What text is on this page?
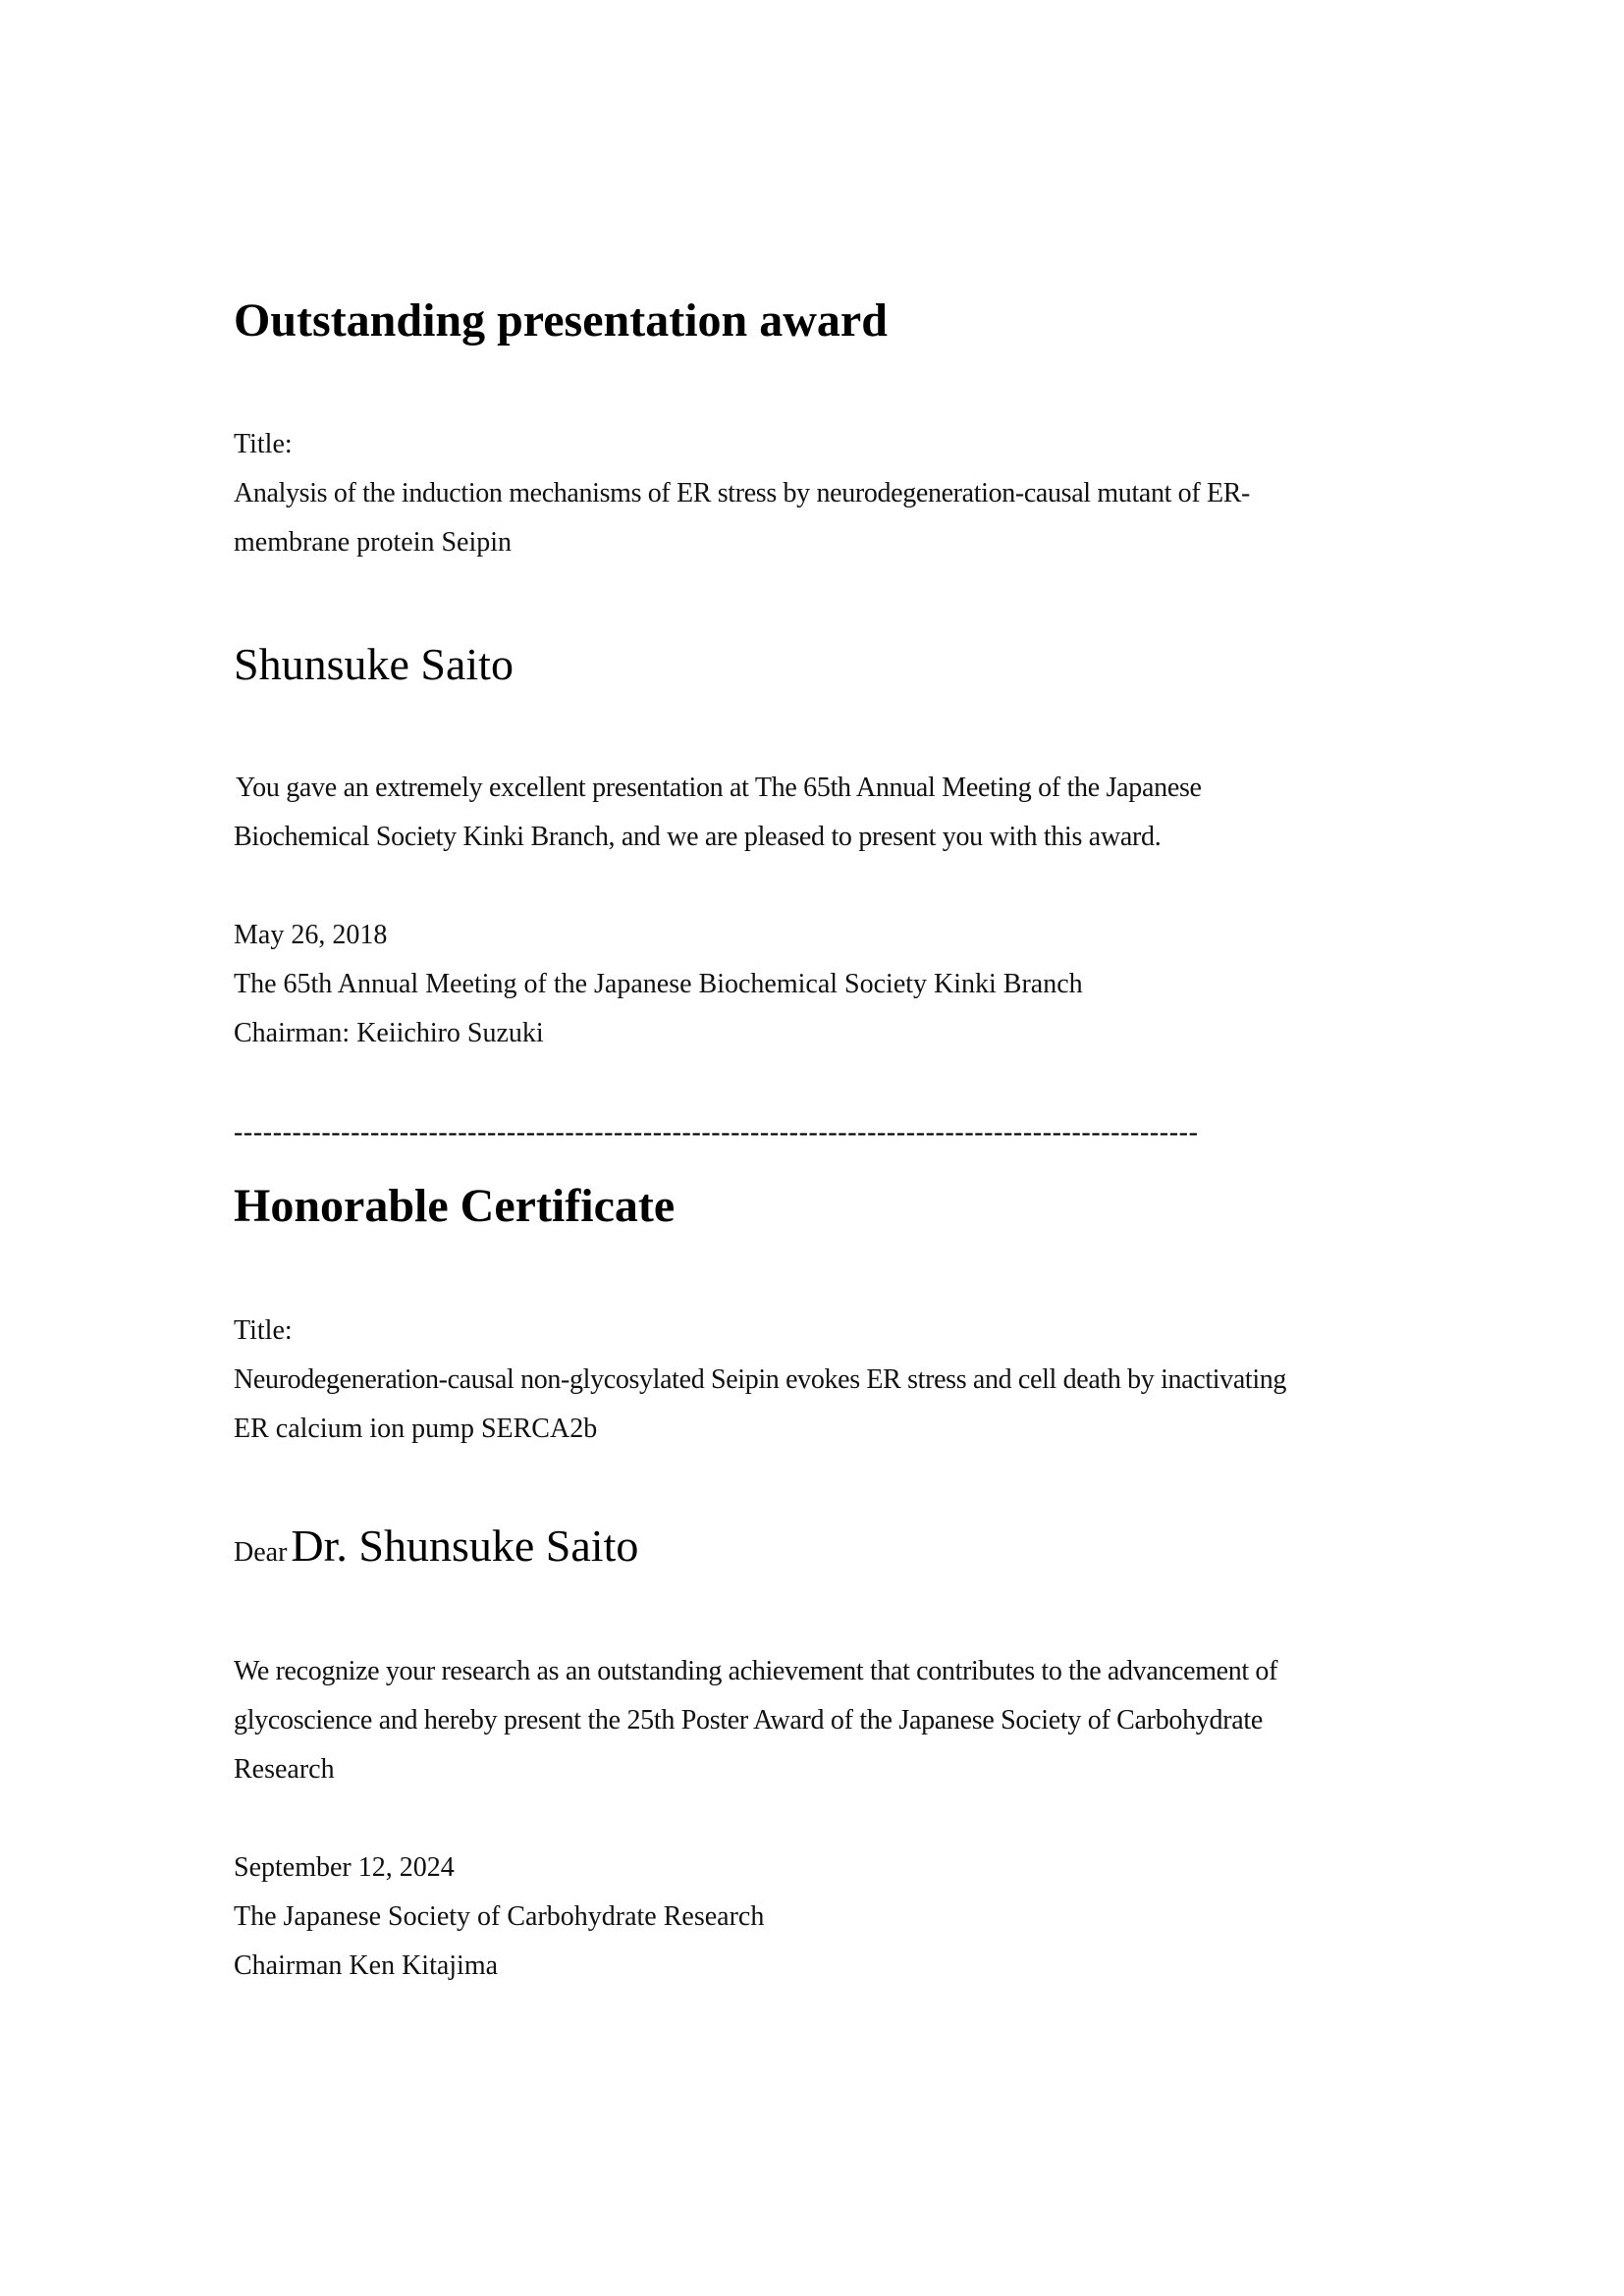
Outstanding presentation award
Title:
Analysis of the induction mechanisms of ER stress by neurodegeneration-causal mutant of ER-
membrane protein Seipin
Shunsuke Saito
You gave an extremely excellent presentation at The 65th Annual Meeting of the Japanese
Biochemical Society Kinki Branch, and we are pleased to present you with this award.
May 26, 2018
The 65th Annual Meeting of the Japanese Biochemical Society Kinki Branch
Chairman: Keiichiro Suzuki
---------------------------------------------------------------------------------------------------
Honorable Certificate
Title:
Neurodegeneration-causal non-glycosylated Seipin evokes ER stress and cell death by inactivating
ER calcium ion pump SERCA2b
Dear Dr. Shunsuke Saito
We recognize your research as an outstanding achievement that contributes to the advancement of
glycoscience and hereby present the 25th Poster Award of the Japanese Society of Carbohydrate
Research
September 12, 2024
The Japanese Society of Carbohydrate Research
Chairman Ken Kitajima
